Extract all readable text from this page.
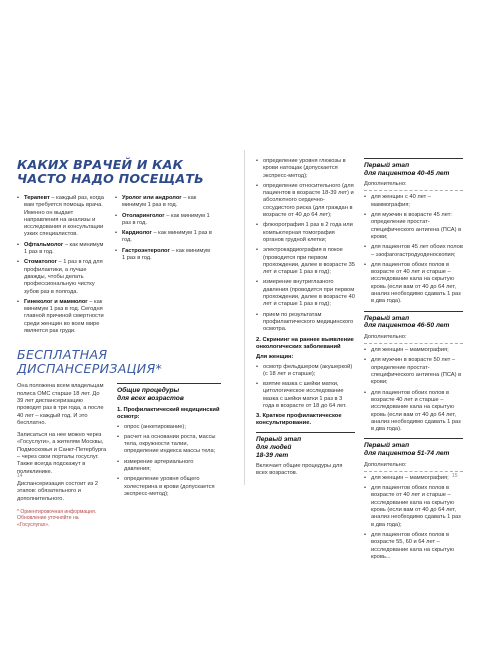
КАКИХ ВРАЧЕЙ И КАК
ЧАСТО НАДО ПОСЕЩАТЬ
• Терапевт – каждый раз, когда вам требуется помощь врача. Именно он выдает направления на анализы и исследования и консультации узких специалистов.
• Офтальмолог – как минимум 1 раз в год.
• Стоматолог – 1 раз в год для профилактики, а лучше дважды, чтобы делать профессиональную чистку зубов раз в полгода.
• Гинеколог и маммолог – как минимум 1 раз в год. Сегодня главной причиной смертности среди женщин во всем мире является рак груди.
• Уролог или андролог – как минимум 1 раз в год.
• Отоларинголог – как минимум 1 раз в год.
• Кардиолог – как минимум 1 раз в год.
• Гастроэнтеролог – как минимум 1 раз в год.
БЕСПЛАТНАЯ
ДИСПАНСЕРИЗАЦИЯ*

Она положена всем владельцам полиса ОМС старше 18 лет. До 39 лет диспансеризацию проводят раз в три года, а после 40 лет – каждый год. И это бесплатно.

Записаться на нее можно через «Госуслуги», а жителям Москвы, Подмосковья и Санкт-Петербурга – через свои порталы госуслуг. Также всегда подскажут в поликлинике.

Диспансеризация состоит из 2 этапов: обязательного и дополнительного.

* Ориентировочная информация. Обновление уточняйте на «Госуслугах».
Общие процедуры
для всех возрастов
1. Профилактический медицинский осмотр:
• опрос (анкетирование);
• расчет на основании роста, массы тела, окружности талии, определение индекса массы тела;
• измерение артериального давления;
• определение уровня общего холестерина в крови (допускается экспресс-метод);
14
• определение уровня глюкозы в крови натощак (допускается экспресс-метод);
• определение относительного (для пациентов в возрасте 18-39 лет) и абсолютного сердечно-сосудистого риска (для граждан в возрасте от 40 до 64 лет);
• флюорография 1 раз в 2 года или компьютерная томография органов грудной клетки;
• электрокардиография в покое (проводится при первом прохождении, далее в возрасте 35 лет и старше 1 раз в год);
• измерение внутриглазного давления (проводится при первом прохождении, далее в возрасте 40 лет и старше 1 раз в год);
• прием по результатам профилактического медицинского осмотра.
2. Скрининг на раннее выявление онкологических заболеваний
Для женщин:
• осмотр фельдшером (акушеркой) (с 18 лет и старше);
• взятие мазка с шейки матки, цитологическое исследование мазка с шейки матки 1 раз в 3 года в возрасте от 18 до 64 лет.
3. Краткое профилактическое консультирование.
Первый этап
для людей
18-39 лет
Включает общие процедуры для всех возрастов.
Первый этап
для пациентов 40-45 лет
Дополнительно:
• для женщин с 40 лет – маммография;
• для мужчин в возрасте 45 лет: определение простат-специфического антигена (ПСА) в крови;
• для пациентов 45 лет обоих полов – эзофагогастродуоденоскопия;
• для пациентов обоих полов в возрасте от 40 лет и старше – исследование кала на скрытую кровь (если вам от 40 до 64 лет, анализ необходимо сдавать 1 раз в два года).
Первый этап
для пациентов 46-50 лет
Дополнительно:
• для женщин – маммография;
• для мужчин в возрасте 50 лет – определение простат-специфического антигена (ПСА) в крови;
• для пациентов обоих полов в возрасте 40 лет и старше – исследование кала на скрытую кровь (если вам от 40 до 64 лет, анализ необходимо сдавать 1 раз в два года).
Первый этап
для пациентов 51-74 лет
Дополнительно:
• для женщин – маммография;
• для пациентов обоих полов в возрасте от 40 лет и старше – исследование кала на скрытую кровь (если вам от 40 до 64 лет, анализ необходимо сдавать 1 раз в два года);
• для пациентов обоих полов в возрасте 55, 60 и 64 лет – исследование кала на скрытую кровь...
15
